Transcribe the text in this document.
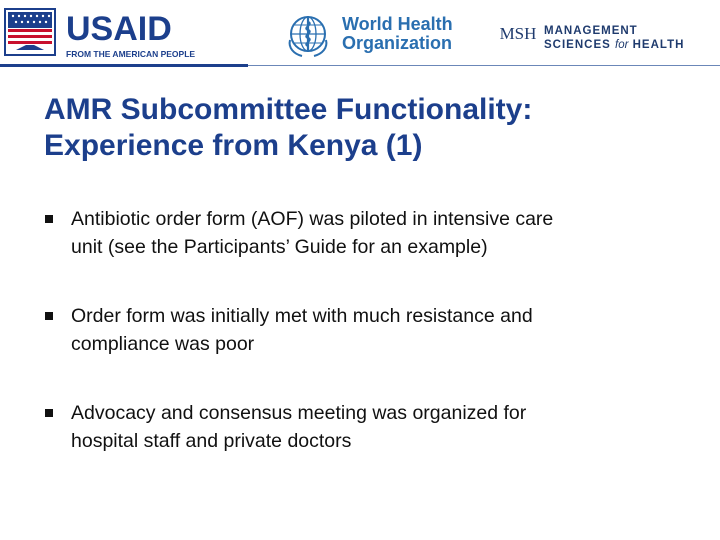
USAID
FROM THE AMERICAN PEOPLE
World Health
Organization	MSH MANAGEMENT
SCIENCES for HEALTH
AMR Subcommittee Functionality:
Experience from Kenya (1)
Antibiotic order form (AOF) was piloted in intensive care
unit (see the Participants’ Guide for an example)
Order form was initially met with much resistance and
compliance was poor
Advocacy and consensus meeting was organized for
hospital staff and private doctors
